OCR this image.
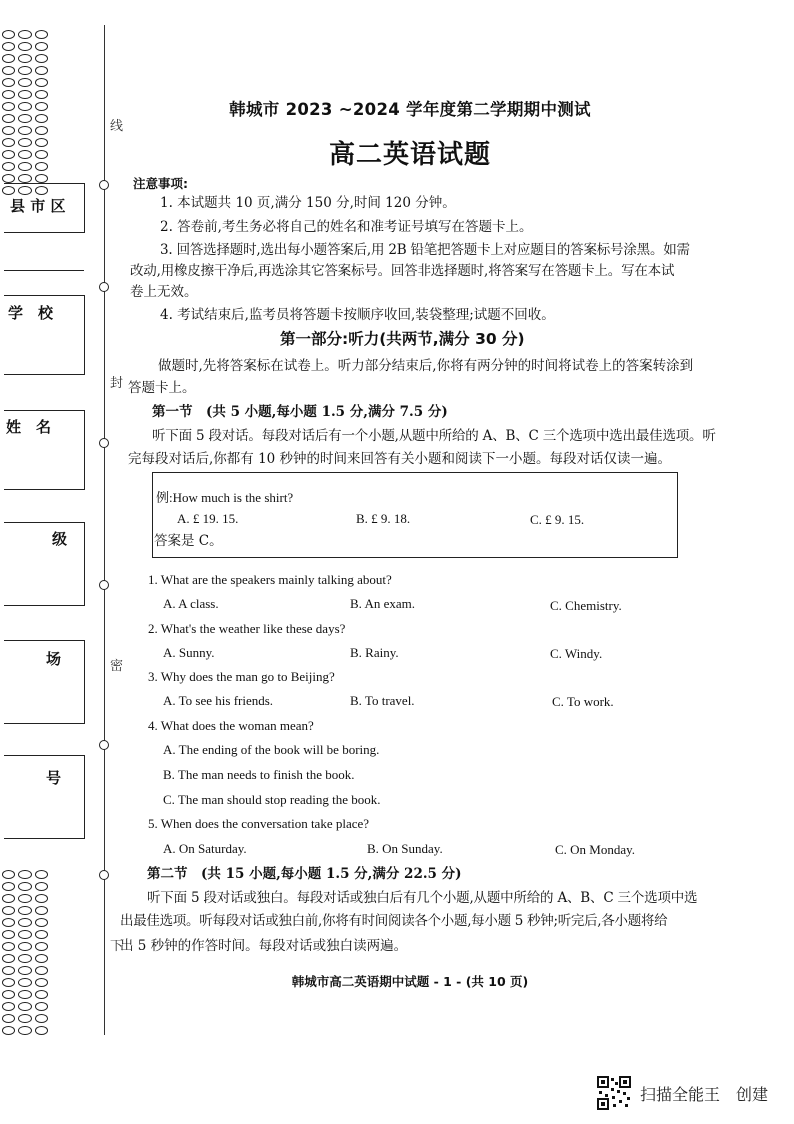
线
封
密
下
县 市 区
学　校
姓　名
级
场
号
韩城市 2023 ~2024 学年度第二学期期中测试
高二英语试题
注意事项:
1. 本试题共 10 页,满分 150 分,时间 120 分钟。
2. 答卷前,考生务必将自己的姓名和准考证号填写在答题卡上。
3. 回答选择题时,选出每小题答案后,用 2B 铅笔把答题卡上对应题目的答案标号涂黑。如需
改动,用橡皮擦干净后,再选涂其它答案标号。回答非选择题时,将答案写在答题卡上。写在本试
卷上无效。
4. 考试结束后,监考员将答题卡按顺序收回,装袋整理;试题不回收。
第一部分:听力(共两节,满分 30 分)
做题时,先将答案标在试卷上。听力部分结束后,你将有两分钟的时间将试卷上的答案转涂到
答题卡上。
第一节　(共 5 小题,每小题 1.5 分,满分 7.5 分)
听下面 5 段对话。每段对话后有一个小题,从题中所给的 A、B、C 三个选项中选出最佳选项。听
完每段对话后,你都有 10 秒钟的时间来回答有关小题和阅读下一小题。每段对话仅读一遍。
例:How much is the shirt?
A. £ 19. 15.	B. £ 9. 18.	C. £ 9. 15.
答案是 C。
1. What are the speakers mainly talking about?
A. A class.	B. An exam.	C. Chemistry.
2. What's the weather like these days?
A. Sunny.	B. Rainy.	C. Windy.
3. Why does the man go to Beijing?
A. To see his friends.	B. To travel.	C. To work.
4. What does the woman mean?
A. The ending of the book will be boring.
B. The man needs to finish the book.
C. The man should stop reading the book.
5. When does the conversation take place?
A. On Saturday.	B. On Sunday.	C. On Monday.
第二节　(共 15 小题,每小题 1.5 分,满分 22.5 分)
听下面 5 段对话或独白。每段对话或独白后有几个小题,从题中所给的 A、B、C 三个选项中选
出最佳选项。听每段对话或独白前,你将有时间阅读各个小题,每小题 5 秒钟;听完后,各小题将给
出 5 秒钟的作答时间。每段对话或独白读两遍。
韩城市高二英语期中试题 - 1 - (共 10 页)
扫描全能王　创建
